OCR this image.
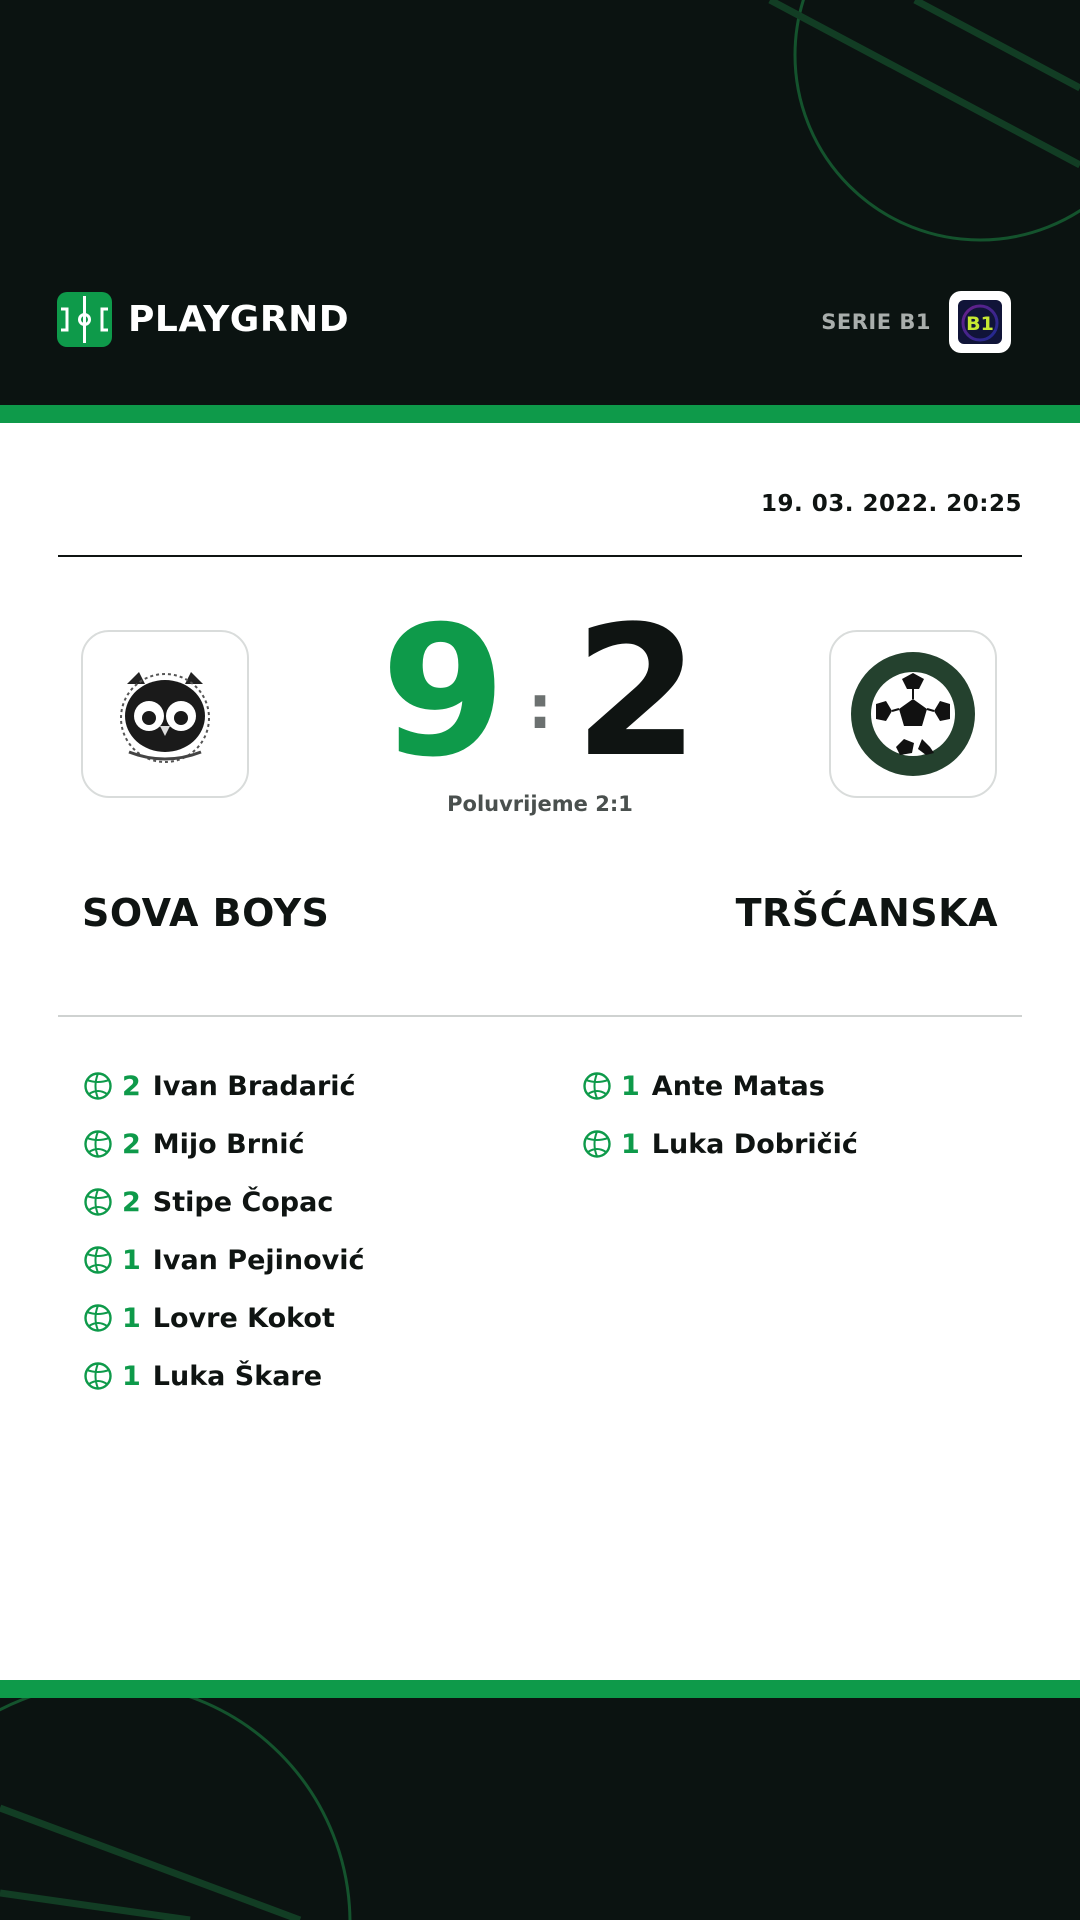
PLAYGRND	SERIE B1 B1
19. 03. 2022. 20:25
9 : 2
Poluvrijeme 2:1
SOVA BOYS	TRŠĆANSKA
2 Ivan Bradarić
2 Mijo Brnić
2 Stipe Čopac
1 Ivan Pejinović
1 Lovre Kokot
1 Luka Škare
1 Ante Matas
1 Luka Dobričić
